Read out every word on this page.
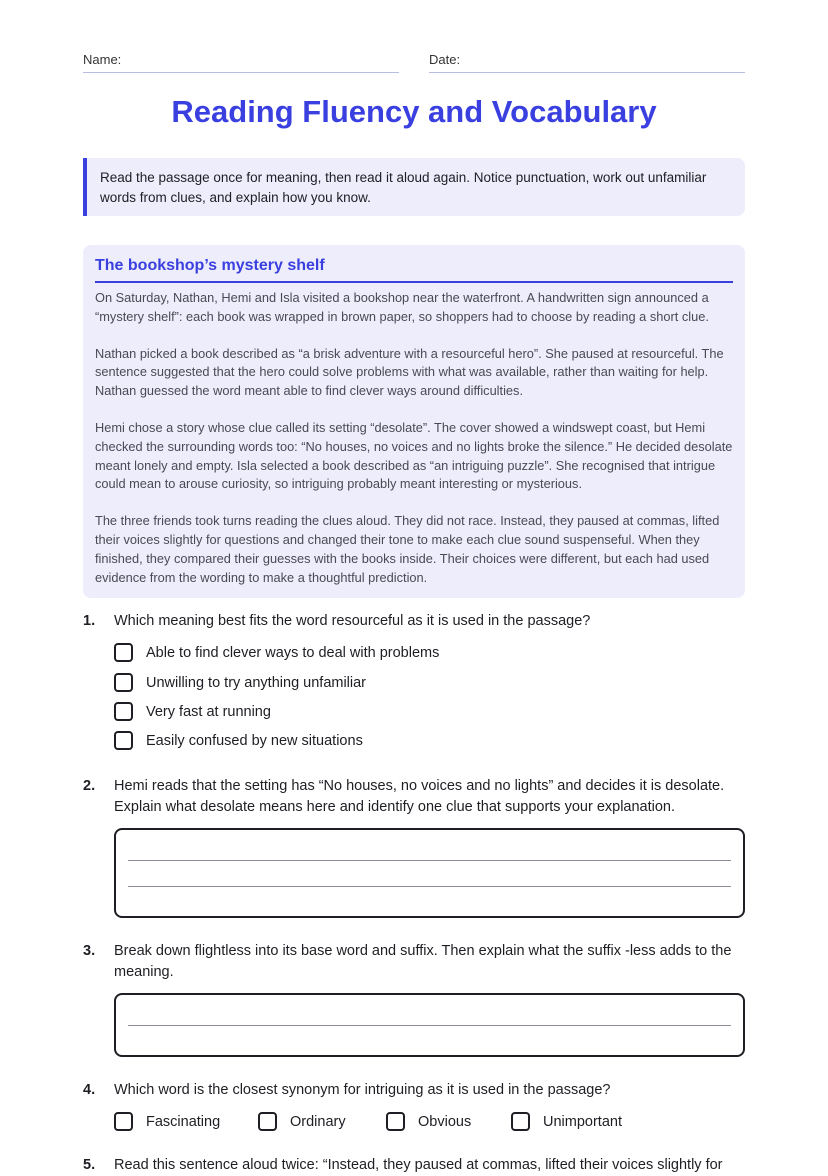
Name:	Date:
Reading Fluency and Vocabulary
Read the passage once for meaning, then read it aloud again. Notice punctuation, work out unfamiliar words from clues, and explain how you know.
The bookshop’s mystery shelf

On Saturday, Nathan, Hemi and Isla visited a bookshop near the waterfront. A handwritten sign announced a “mystery shelf”: each book was wrapped in brown paper, so shoppers had to choose by reading a short clue.

Nathan picked a book described as “a brisk adventure with a resourceful hero”. She paused at resourceful. The sentence suggested that the hero could solve problems with what was available, rather than waiting for help. Nathan guessed the word meant able to find clever ways around difficulties.

Hemi chose a story whose clue called its setting “desolate”. The cover showed a windswept coast, but Hemi checked the surrounding words too: “No houses, no voices and no lights broke the silence.” He decided desolate meant lonely and empty. Isla selected a book described as “an intriguing puzzle”. She recognised that intrigue could mean to arouse curiosity, so intriguing probably meant interesting or mysterious.

The three friends took turns reading the clues aloud. They did not race. Instead, they paused at commas, lifted their voices slightly for questions and changed their tone to make each clue sound suspenseful. When they finished, they compared their guesses with the books inside. Their choices were different, but each had used evidence from the wording to make a thoughtful prediction.

1. Which meaning best fits the word resourceful as it is used in the passage?
Able to find clever ways to deal with problems
Unwilling to try anything unfamiliar
Very fast at running
Easily confused by new situations
2. Hemi reads that the setting has “No houses, no voices and no lights” and decides it is desolate. Explain what desolate means here and identify one clue that supports your explanation.
3. Break down flightless into its base word and suffix. Then explain what the suffix -less adds to the meaning.
4. Which word is the closest synonym for intriguing as it is used in the passage?
Fascinating	Ordinary	Obvious	Unimportant
5. Read this sentence aloud twice: “Instead, they paused at commas, lifted their voices slightly for
